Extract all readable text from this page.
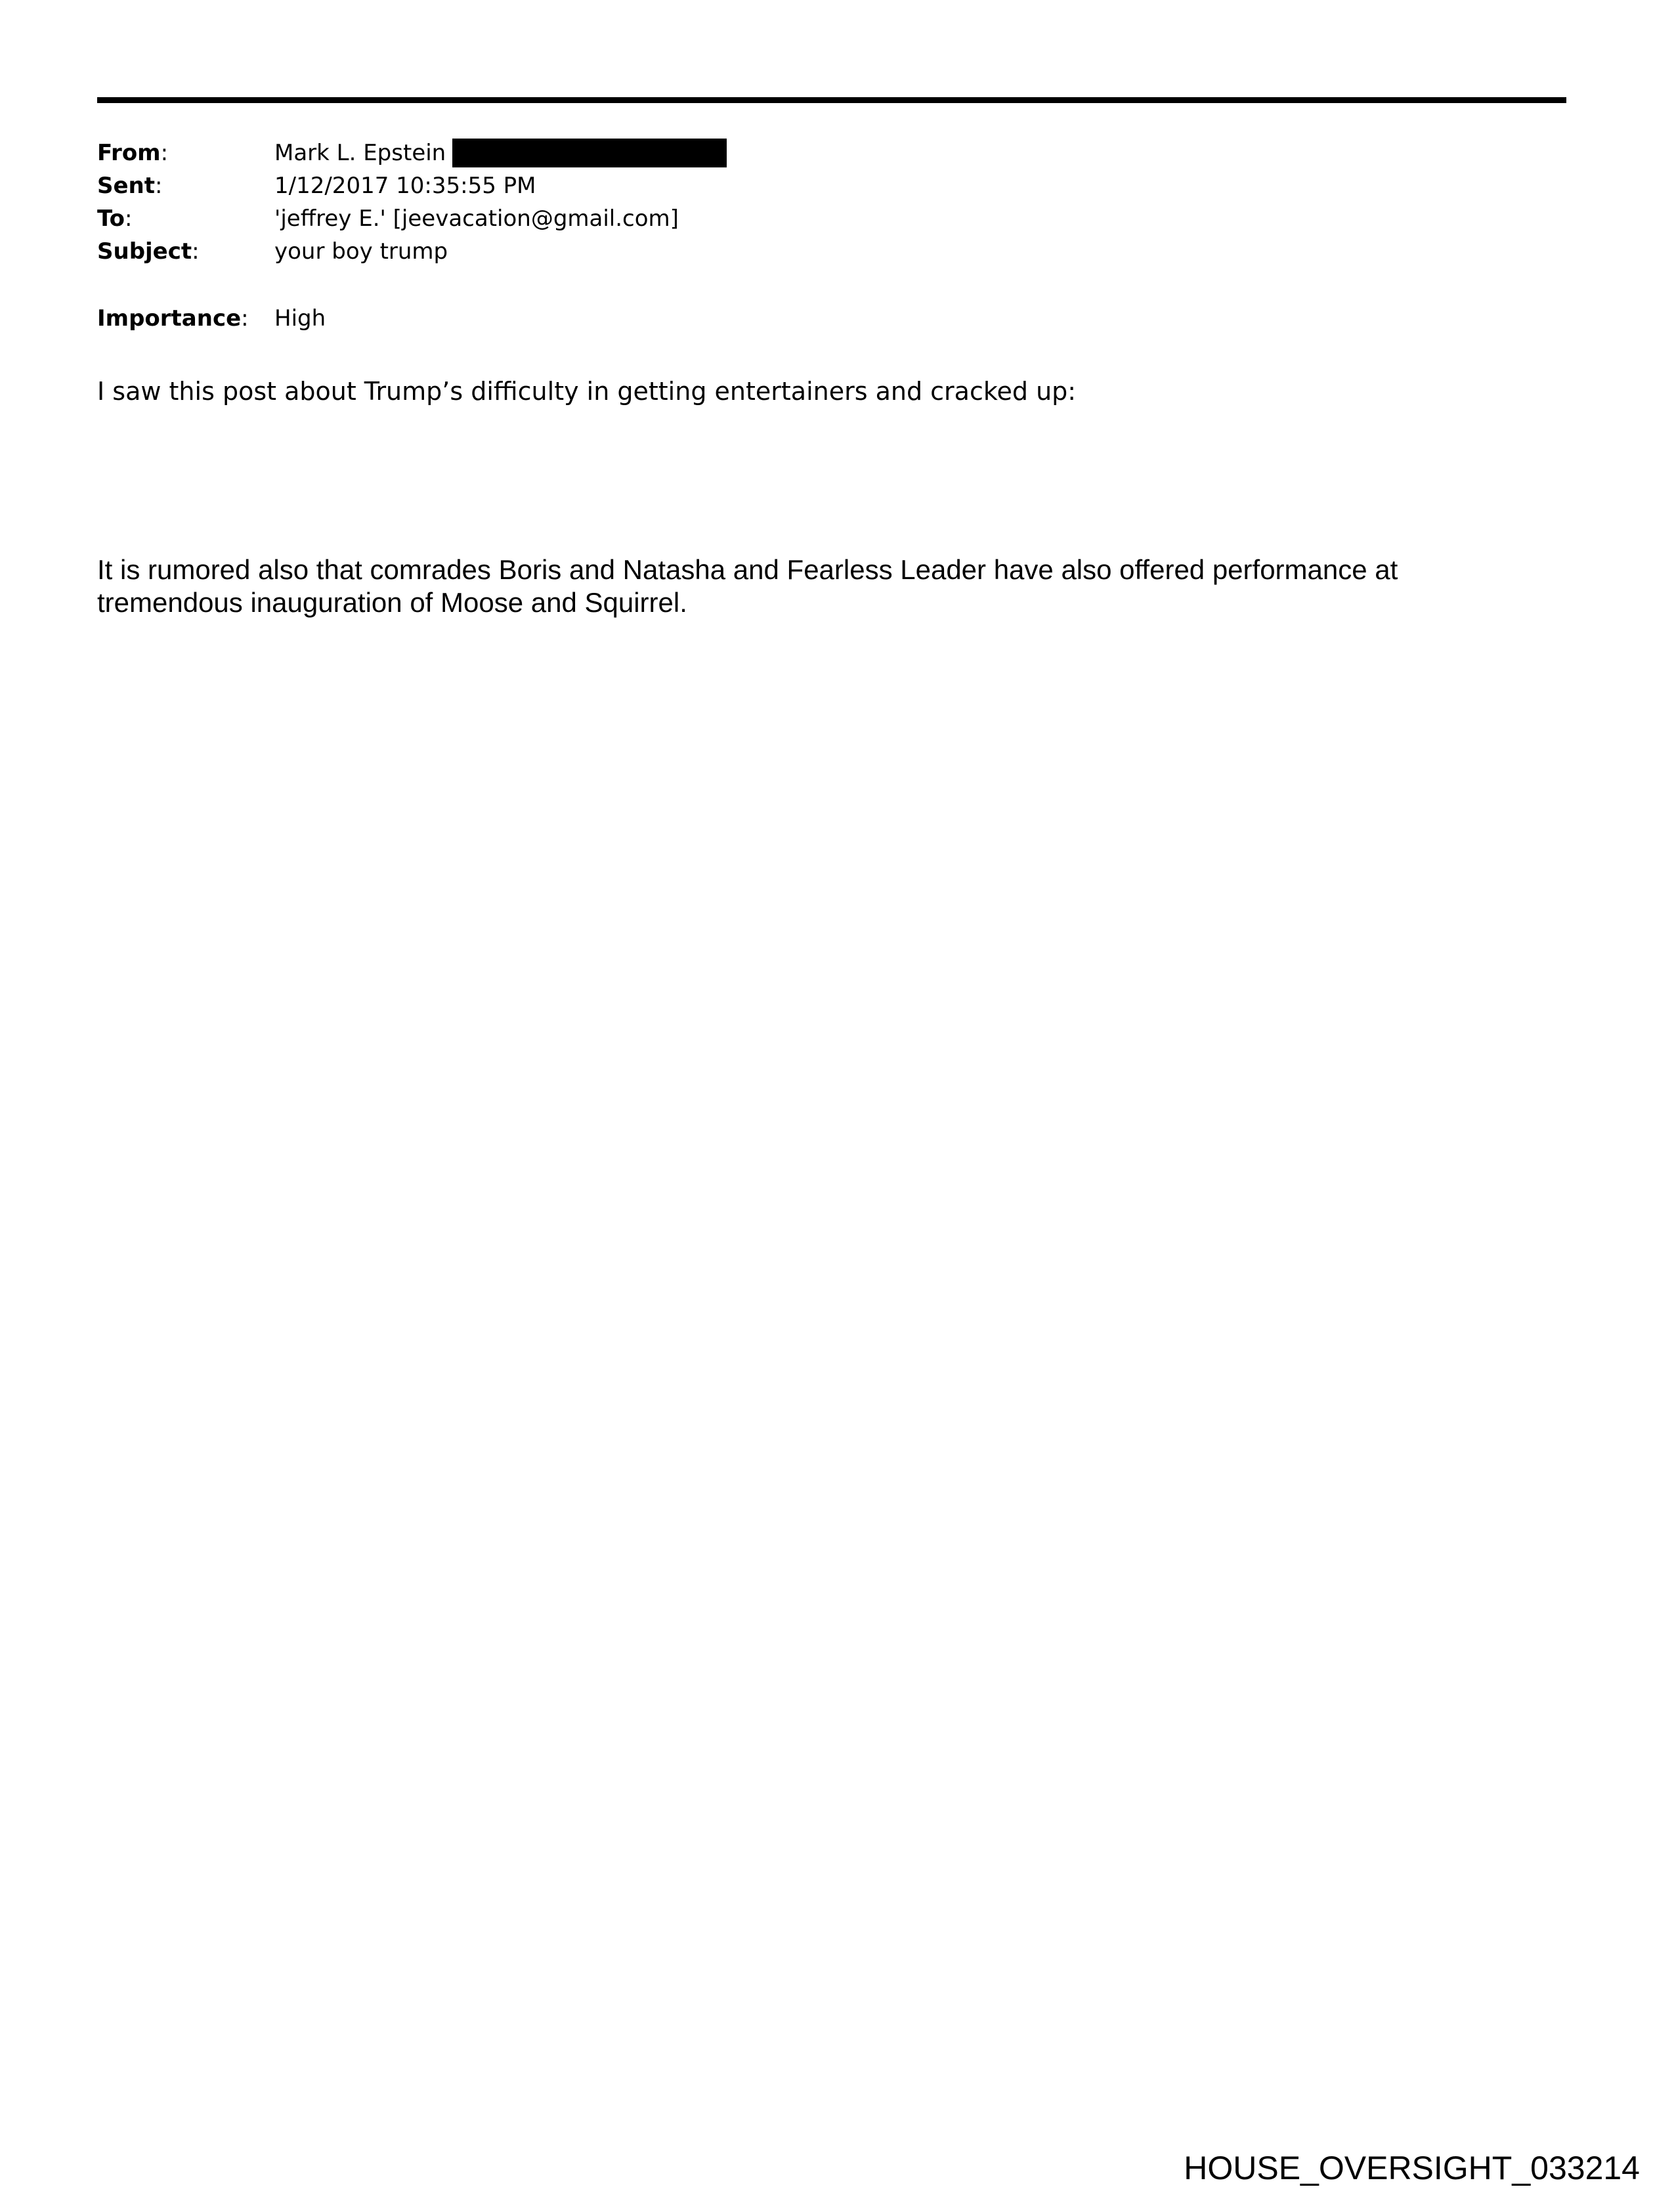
From:	Mark L. Epstein
Sent:	1/12/2017 10:35:55 PM
To:	'jeffrey E.' [jeevacation@gmail.com]
Subject:	your boy trump
Importance:	High
I saw this post about Trump’s difficulty in getting entertainers and cracked up:
It is rumored also that comrades Boris and Natasha and Fearless Leader have also offered performance at tremendous inauguration of Moose and Squirrel.
HOUSE_OVERSIGHT_033214
